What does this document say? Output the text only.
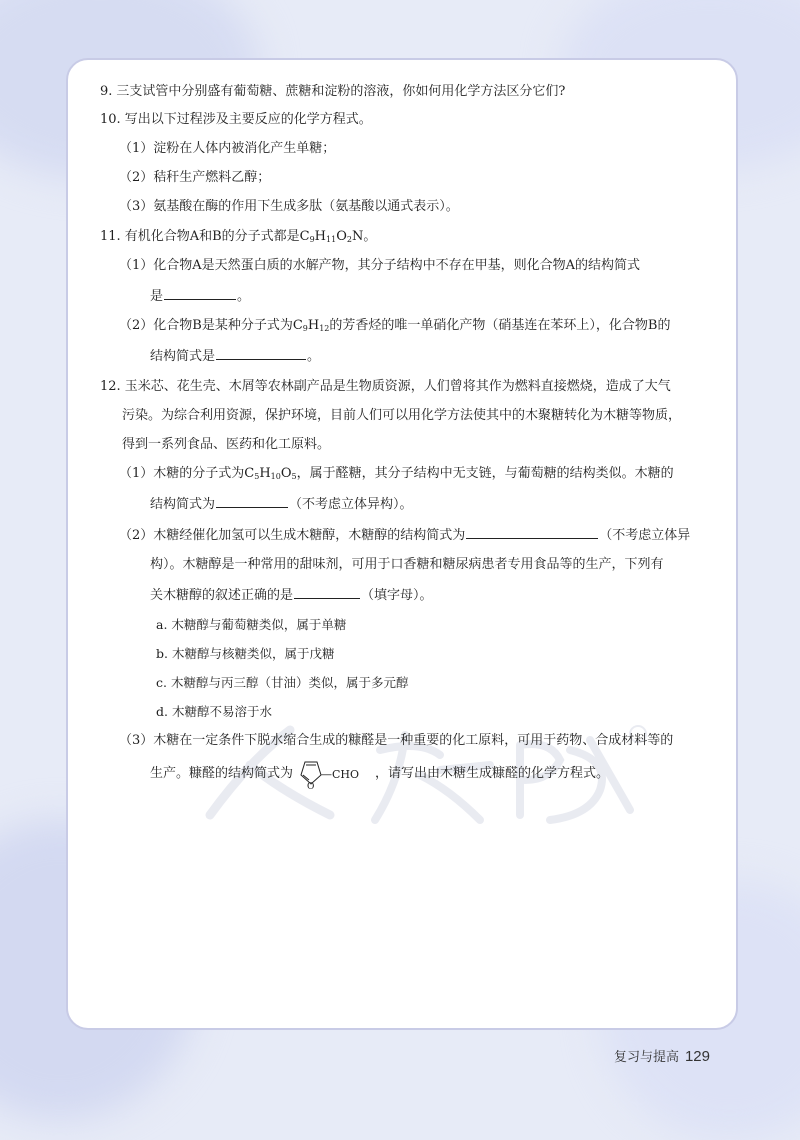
9. 三支试管中分别盛有葡萄糖、蔗糖和淀粉的溶液，你如何用化学方法区分它们?

10. 写出以下过程涉及主要反应的化学方程式。

（1）淀粉在人体内被消化产生单糖；

（2）秸秆生产燃料乙醇；

（3）氨基酸在酶的作用下生成多肽（氨基酸以通式表示）。

11. 有机化合物A和B的分子式都是$C_9H_{11}O_2N$。

（1）化合物A是天然蛋白质的水解产物，其分子结构中不存在甲基，则化合物A的结构简式

是	。

（2）化合物B是某种分子式为$C_9H_{12}$的芳香烃的唯一单硝化产物（硝基连在苯环上），化合物B的

结构简式是	。

12. 玉米芯、花生壳、木屑等农林副产品是生物质资源，人们曾将其作为燃料直接燃烧，造成了大气

污染。为综合利用资源，保护环境，目前人们可以用化学方法使其中的木聚糖转化为木糖等物质，

得到一系列食品、医药和化工原料。

（1）木糖的分子式为$C_5H_{10}O_5$，属于醛糖，其分子结构中无支链，与葡萄糖的结构类似。木糖的

结构简式为	（不考虑立体异构）。

（2）木糖经催化加氢可以生成木糖醇，木糖醇的结构简式为	（不考虑立体异

构）。木糖醇是一种常用的甜味剂，可用于口香糖和糖尿病患者专用食品等的生产，下列有

关木糖醇的叙述正确的是	（填字母）。

a. 木糖醇与葡萄糖类似，属于单糖

b. 木糖醇与核糖类似，属于戊糖

c. 木糖醇与丙三醇（甘油）类似，属于多元醇

d. 木糖醇不易溶于水

（3）木糖在一定条件下脱水缩合生成的糠醛是一种重要的化工原料，可用于药物、合成材料等的

生产。糠醛的结构简式为
O
—CHO ，请写出由木糖生成糠醛的化学方程式。

复习与提高 129
